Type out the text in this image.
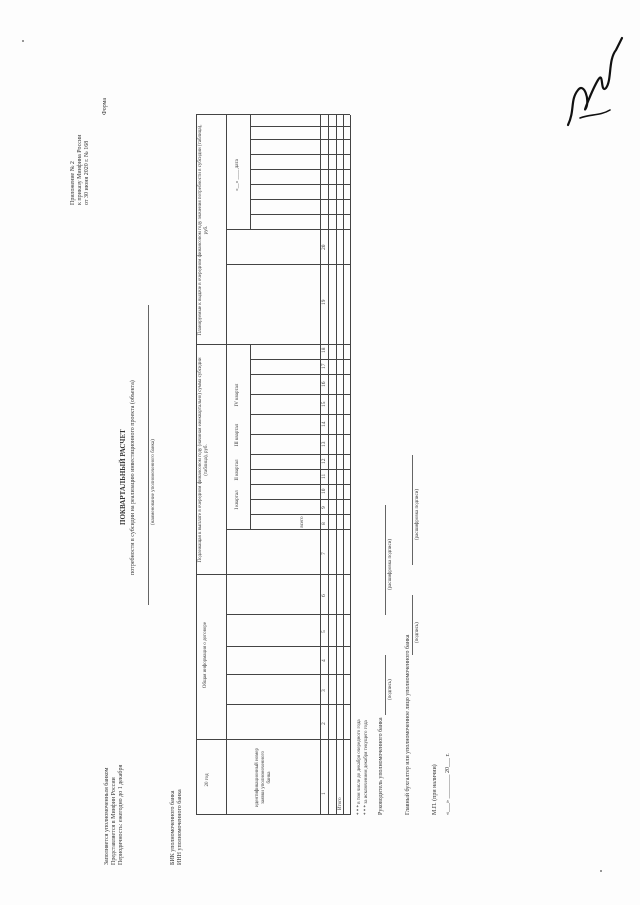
Заполняется уполномоченным банком Представляется в Минфин России Периодичность: ежегодно до 1 декабря
Приложение № 2 к приказу Минфина России от 30 июня 2020 г. № 168
Форма
ПОКВАРТАЛЬНЫЙ РАСЧЕТ потребности в субсидии на реализацию инвестиционного проекта (объекта)	(наименование уполномоченного банка)
БИК уполномоченного банка ИНН уполномоченного банка
20 год
Общая информация о договоре
идентификационный номер заявки уполномоченного банка
Подлежащая к выплате в очередном финансовом году (начиная ежеквартально) сумма субсидии (таблица), руб.
Планируемые к выдаче в очередном финансовом году значения потребности в субсидии (таблица), руб.
всего
I квартал
II квартал
III квартал
IV квартал
«__» ____ дата
Итого
1
2
3
4
5
6
7
8
9
10
11
12
13
14
15
16
17
18
19
20
* * * в том числе до декабря очередного года * * * за исключением декабря текущего года Руководитель уполномоченного банка
(подпись)
(расшифровка подписи)
Главный бухгалтер или уполномоченное лицо уполномоченного банка
(подпись)
(расшифровка подписи)
М.П. (при наличии) «___» ________ 20___ г.
